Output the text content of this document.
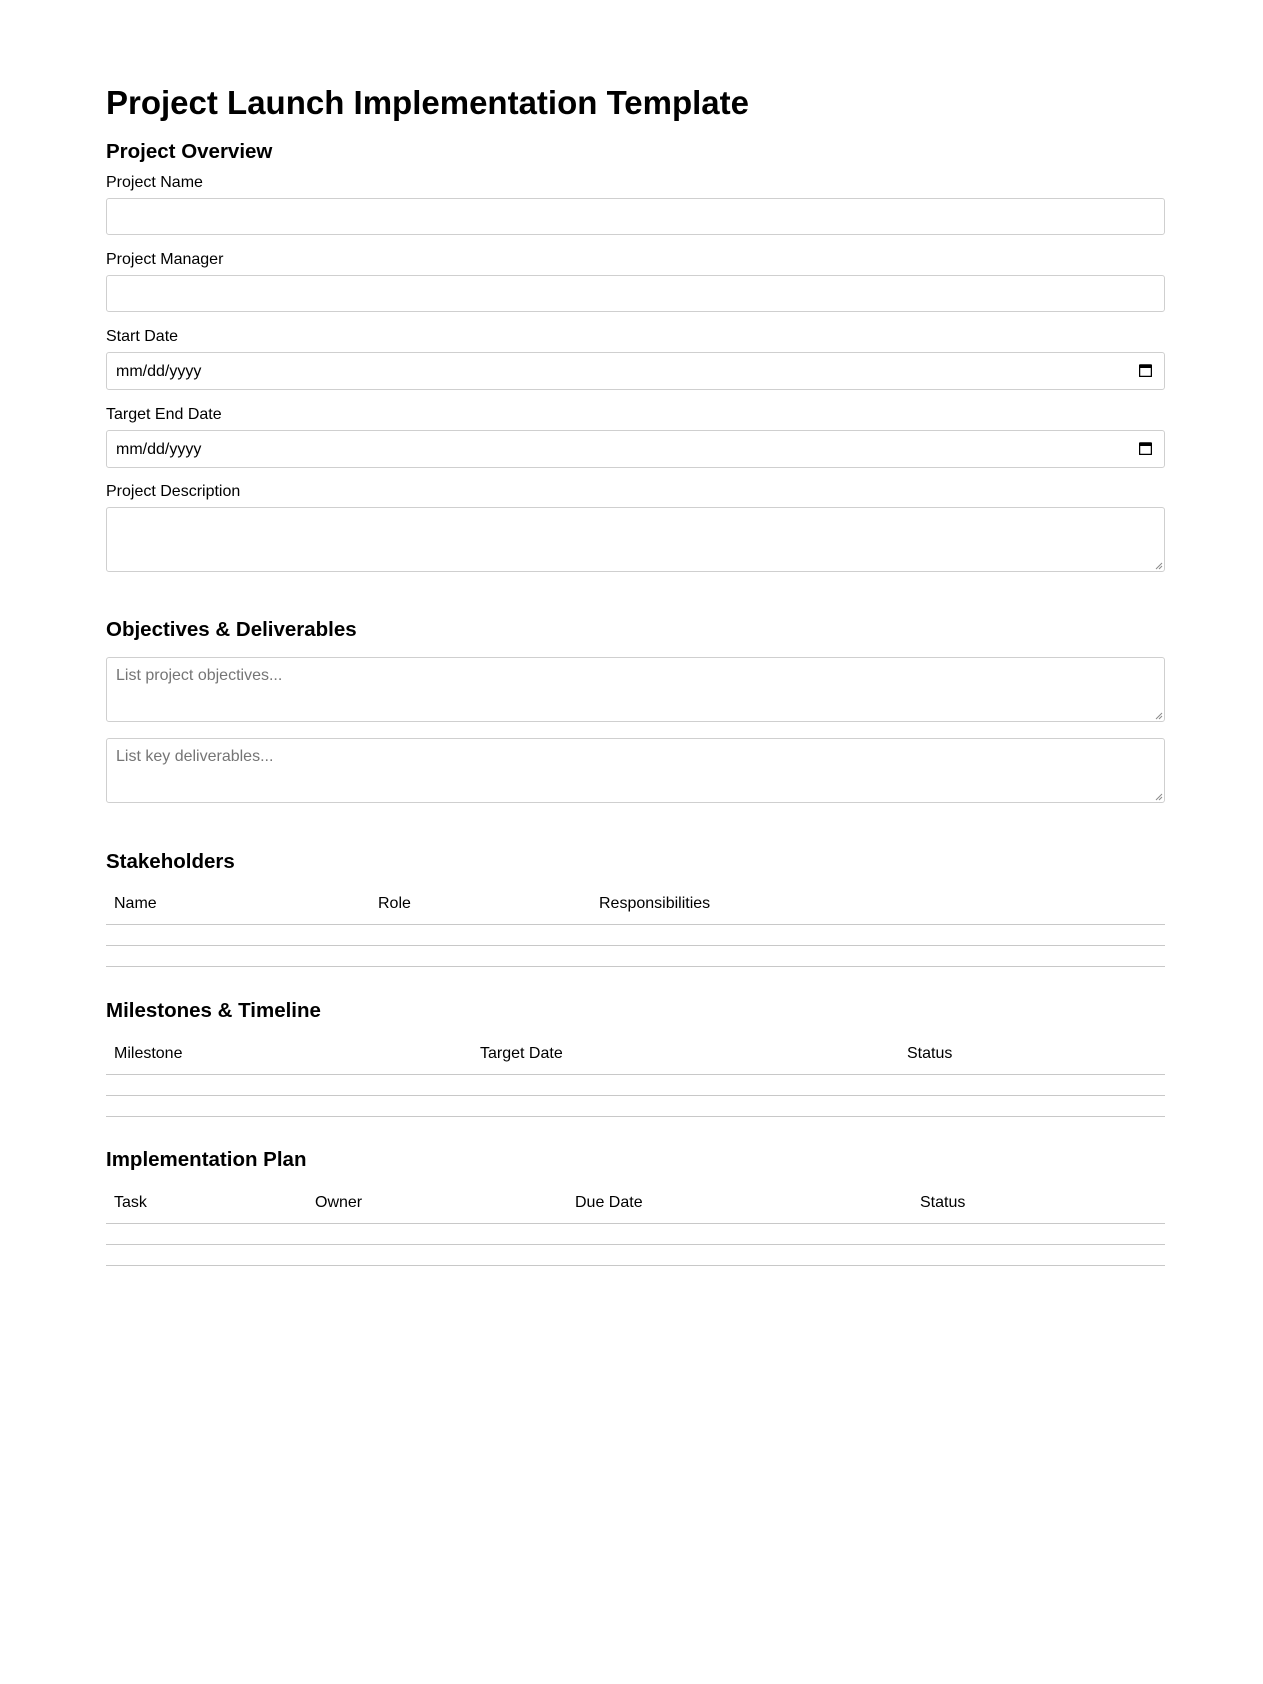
Project Launch Implementation Template
Project Overview
Project Name
Project Manager
Start Date
mm/dd/yyyy
Target End Date
mm/dd/yyyy
Project Description
Objectives & Deliverables
List project objectives...
List key deliverables...
Stakeholders
Name	Role	Responsibilities
Milestones & Timeline
Milestone	Target Date	Status
Implementation Plan
Task	Owner	Due Date	Status
